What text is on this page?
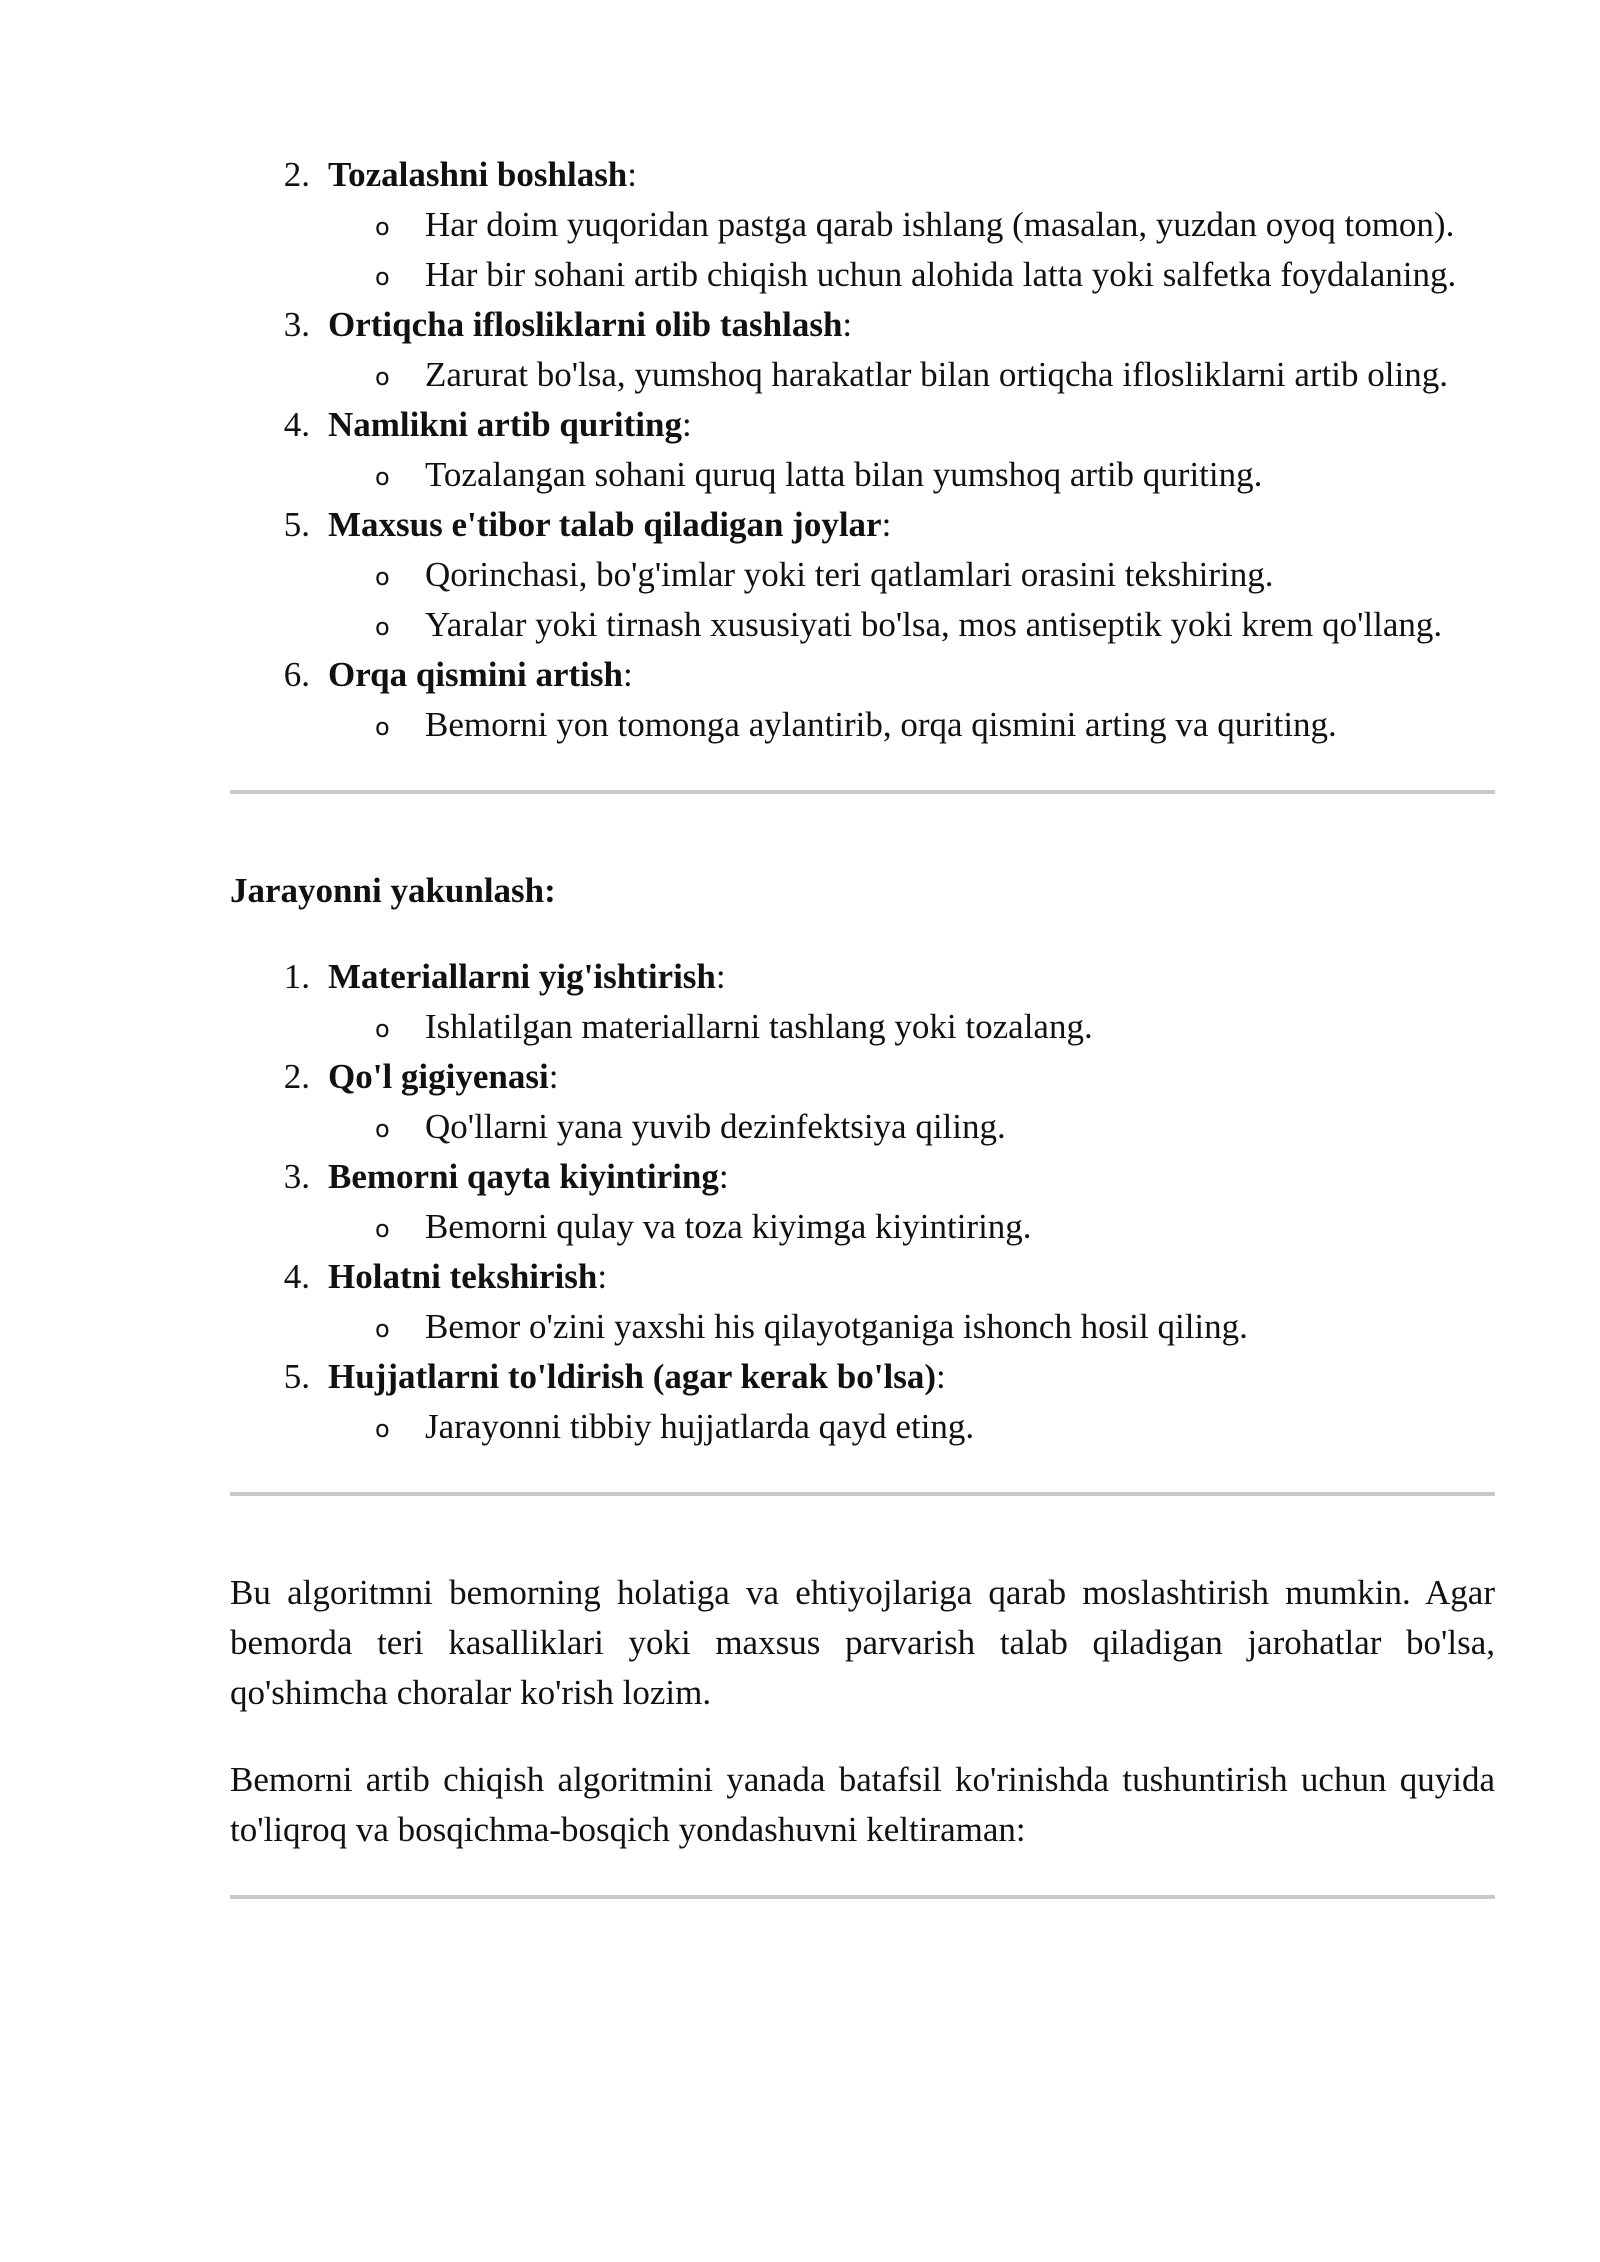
2. Tozalashni boshlash:
o Har doim yuqoridan pastga qarab ishlang (masalan, yuzdan oyoq tomon).
o Har bir sohani artib chiqish uchun alohida latta yoki salfetka foydalaning.
3. Ortiqcha iflosliklarni olib tashlash:
o Zarurat bo'lsa, yumshoq harakatlar bilan ortiqcha iflosliklarni artib oling.
4. Namlikni artib quriting:
o Tozalangan sohani quruq latta bilan yumshoq artib quriting.
5. Maxsus e'tibor talab qiladigan joylar:
o Qorinchasi, bo'g'imlar yoki teri qatlamlari orasini tekshiring.
o Yaralar yoki tirnash xususiyati bo'lsa, mos antiseptik yoki krem qo'llang.
6. Orqa qismini artish:
o Bemorni yon tomonga aylantirib, orqa qismini arting va quriting.

Jarayonni yakunlash:

1. Materiallarni yig'ishtirish:
o Ishlatilgan materiallarni tashlang yoki tozalang.
2. Qo'l gigiyenasi:
o Qo'llarni yana yuvib dezinfektsiya qiling.
3. Bemorni qayta kiyintiring:
o Bemorni qulay va toza kiyimga kiyintiring.
4. Holatni tekshirish:
o Bemor o'zini yaxshi his qilayotganiga ishonch hosil qiling.
5. Hujjatlarni to'ldirish (agar kerak bo'lsa):
o Jarayonni tibbiy hujjatlarda qayd eting.

Bu algoritmni bemorning holatiga va ehtiyojlariga qarab moslashtirish mumkin. Agar bemorda teri kasalliklari yoki maxsus parvarish talab qiladigan jarohatlar bo'lsa, qo'shimcha choralar ko'rish lozim.

Bemorni artib chiqish algoritmini yanada batafsil ko'rinishda tushuntirish uchun quyida to'liqroq va bosqichma-bosqich yondashuvni keltiraman:
